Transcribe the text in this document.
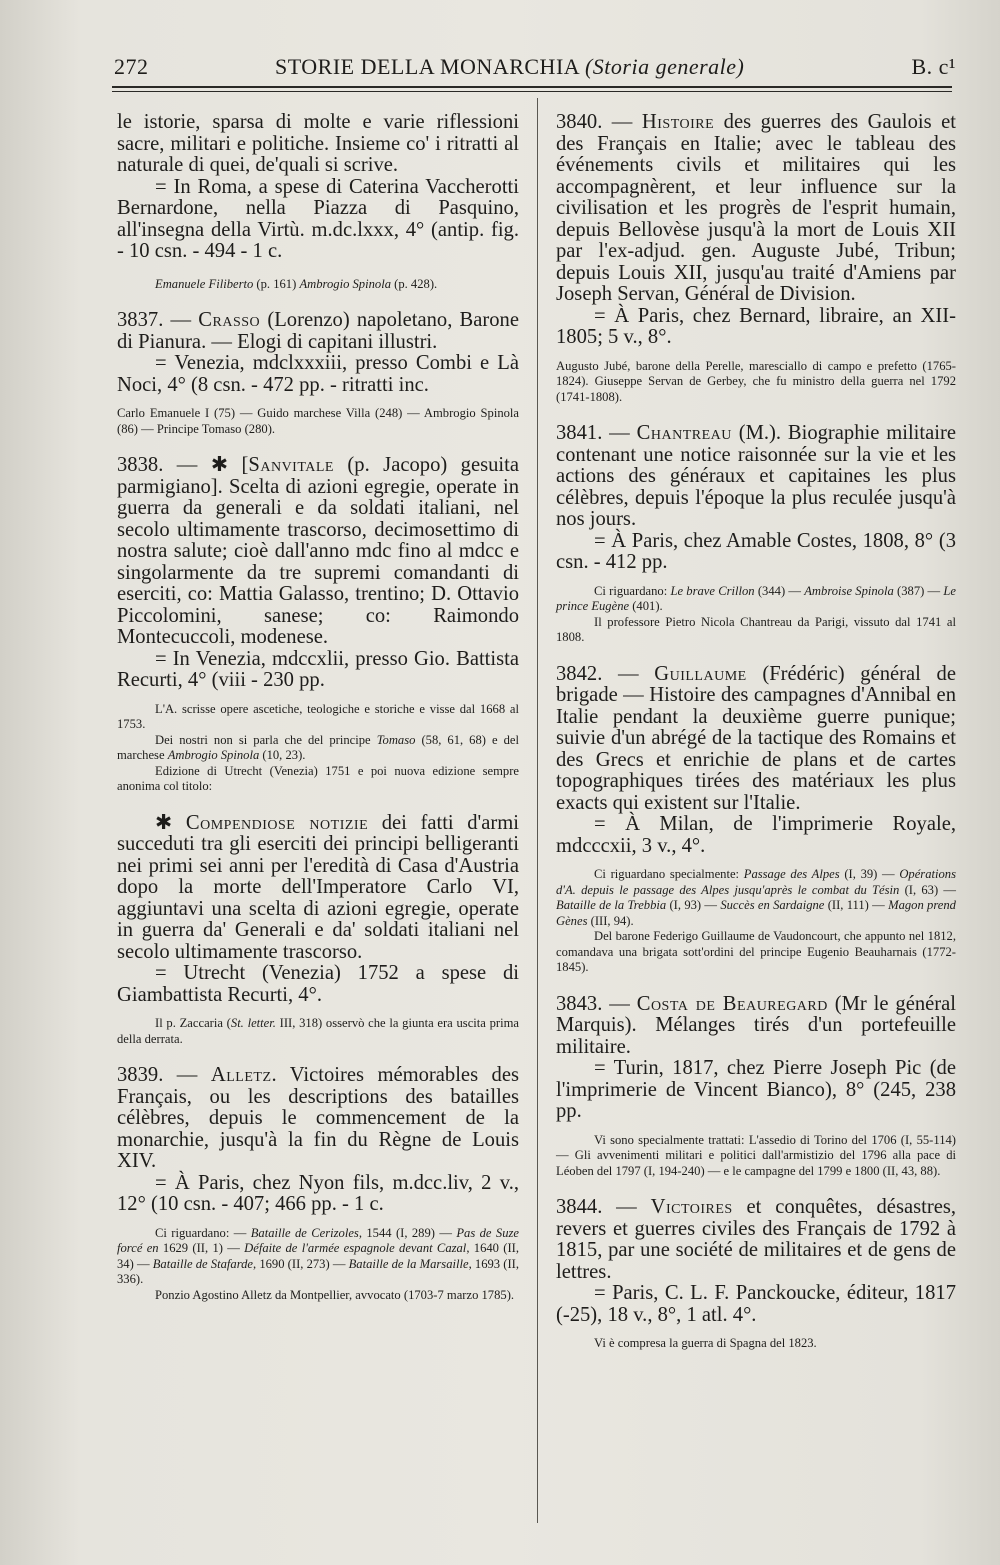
272	STORIE DELLA MONARCHIA (Storia generale)	B. c¹

le istorie, sparsa di molte e varie riflessioni sacre, militari e politiche. Insieme co' i ritratti al naturale di quei, de'quali si scrive.

= In Roma, a spese di Caterina Vaccherotti Bernardone, nella Piazza di Pasquino, all'insegna della Virtù. m.dc.lxxx, 4° (antip. fig. - 10 csn. - 494 - 1 c.

Emanuele Filiberto (p. 161) Ambrogio Spinola (p. 428).

3837. — Crasso (Lorenzo) napoletano, Barone di Pianura. — Elogi di capitani illustri.

= Venezia, mdclxxxiii, presso Combi e Là Noci, 4° (8 csn. - 472 pp. - ritratti inc.

Carlo Emanuele I (75) — Guido marchese Villa (248) — Ambrogio Spinola (86) — Principe Tomaso (280).

3838. — ✱ [Sanvitale (p. Jacopo) gesuita parmigiano]. Scelta di azioni egregie, operate in guerra da generali e da soldati italiani, nel secolo ultimamente trascorso, decimosettimo di nostra salute; cioè dall'anno mdc fino al mdcc e singolarmente da tre supremi comandanti di eserciti, co: Mattia Galasso, trentino; D. Ottavio Piccolomini, sanese; co: Raimondo Montecuccoli, modenese.

= In Venezia, mdccxlii, presso Gio. Battista Recurti, 4° (viii - 230 pp.

L'A. scrisse opere ascetiche, teologiche e storiche e visse dal 1668 al 1753.

Dei nostri non si parla che del principe Tomaso (58, 61, 68) e del marchese Ambrogio Spinola (10, 23).

Edizione di Utrecht (Venezia) 1751 e poi nuova edizione sempre anonima col titolo:

✱ Compendiose notizie dei fatti d'armi succeduti tra gli eserciti dei principi belligeranti nei primi sei anni per l'eredità di Casa d'Austria dopo la morte dell'Imperatore Carlo VI, aggiuntavi una scelta di azioni egregie, operate in guerra da' Generali e da' soldati italiani nel secolo ultimamente trascorso.

= Utrecht (Venezia) 1752 a spese di Giambattista Recurti, 4°.

Il p. Zaccaria (St. letter. III, 318) osservò che la giunta era uscita prima della derrata.

3839. — Alletz. Victoires mémorables des Français, ou les descriptions des batailles célèbres, depuis le commencement de la monarchie, jusqu'à la fin du Règne de Louis XIV.

= À Paris, chez Nyon fils, m.dcc.liv, 2 v., 12° (10 csn. - 407; 466 pp. - 1 c.

Ci riguardano: — Bataille de Cerizoles, 1544 (I, 289) — Pas de Suze forcé en 1629 (II, 1) — Défaite de l'armée espagnole devant Cazal, 1640 (II, 34) — Bataille de Stafarde, 1690 (II, 273) — Bataille de la Marsaille, 1693 (II, 336).

Ponzio Agostino Alletz da Montpellier, avvocato (1703-7 marzo 1785).

3840. — Histoire des guerres des Gaulois et des Français en Italie; avec le tableau des événements civils et militaires qui les accompagnèrent, et leur influence sur la civilisation et les progrès de l'esprit humain, depuis Bellovèse jusqu'à la mort de Louis XII par l'ex-adjud. gen. Auguste Jubé, Tribun; depuis Louis XII, jusqu'au traité d'Amiens par Joseph Servan, Général de Division.

= À Paris, chez Bernard, libraire, an XII-1805; 5 v., 8°.

Augusto Jubé, barone della Perelle, maresciallo di campo e prefetto (1765-1824). Giuseppe Servan de Gerbey, che fu ministro della guerra nel 1792 (1741-1808).

3841. — Chantreau (M.). Biographie militaire contenant une notice raisonnée sur la vie et les actions des généraux et capitaines les plus célèbres, depuis l'époque la plus reculée jusqu'à nos jours.

= À Paris, chez Amable Costes, 1808, 8° (3 csn. - 412 pp.

Ci riguardano: Le brave Crillon (344) — Ambroise Spinola (387) — Le prince Eugène (401).

Il professore Pietro Nicola Chantreau da Parigi, vissuto dal 1741 al 1808.

3842. — Guillaume (Frédéric) général de brigade — Histoire des campagnes d'Annibal en Italie pendant la deuxième guerre punique; suivie d'un abrégé de la tactique des Romains et des Grecs et enrichie de plans et de cartes topographiques tirées des matériaux les plus exacts qui existent sur l'Italie.

= À Milan, de l'imprimerie Royale, mdcccxii, 3 v., 4°.

Ci riguardano specialmente: Passage des Alpes (I, 39) — Opérations d'A. depuis le passage des Alpes jusqu'après le combat du Tésin (I, 63) — Bataille de la Trebbia (I, 93) — Succès en Sardaigne (II, 111) — Magon prend Gènes (III, 94).

Del barone Federigo Guillaume de Vaudoncourt, che appunto nel 1812, comandava una brigata sott'ordini del principe Eugenio Beauharnais (1772-1845).

3843. — Costa de Beauregard (Mr le général Marquis). Mélanges tirés d'un portefeuille militaire.

= Turin, 1817, chez Pierre Joseph Pic (de l'imprimerie de Vincent Bianco), 8° (245, 238 pp.

Vi sono specialmente trattati: L'assedio di Torino del 1706 (I, 55-114) — Gli avvenimenti militari e politici dall'armistizio del 1796 alla pace di Léoben del 1797 (I, 194-240) — e le campagne del 1799 e 1800 (II, 43, 88).

3844. — Victoires et conquêtes, désastres, revers et guerres civiles des Français de 1792 à 1815, par une société de militaires et de gens de lettres.

= Paris, C. L. F. Panckoucke, éditeur, 1817 (-25), 18 v., 8°, 1 atl. 4°.

Vi è compresa la guerra di Spagna del 1823.
